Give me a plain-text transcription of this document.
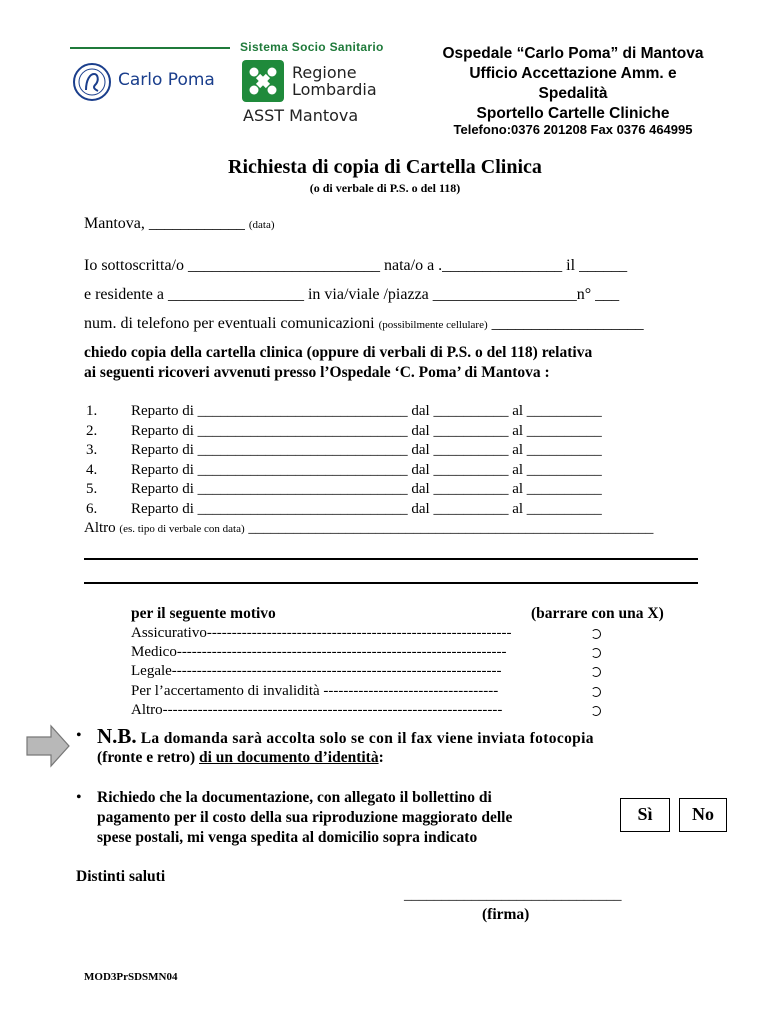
Sistema Socio Sanitario
Carlo Poma	Regione
Lombardia
ASST Mantova
Ospedale “Carlo Poma” di Mantova
Ufficio Accettazione Amm. e
Spedalità
Sportello Cartelle Cliniche
Telefono:0376 201208 Fax 0376 464995
Richiesta di copia di Cartella Clinica
(o di verbale di P.S. o del 118)
Mantova, ____________ (data)
Io sottoscritta/o ________________________ nata/o a ._______________ il ______
e residente a _________________ in via/viale /piazza __________________n° ___
num. di telefono per eventuali comunicazioni (possibilmente cellulare) ___________________
chiedo copia della cartella clinica (oppure di verbali di P.S. o del 118) relativa
ai seguenti ricoveri avvenuti presso l’Ospedale ‘C. Poma’ di Mantova :
1. Reparto di ____________________________ dal __________ al __________
2. Reparto di ____________________________ dal __________ al __________
3. Reparto di ____________________________ dal __________ al __________
4. Reparto di ____________________________ dal __________ al __________
5. Reparto di ____________________________ dal __________ al __________
6. Reparto di ____________________________ dal __________ al __________
Altro (es. tipo di verbale con data) ______________________________________________________
per il seguente motivo	(barrare con una X)
Assicurativo-------------------------------------------------------------
Medico------------------------------------------------------------------
Legale------------------------------------------------------------------
Per l’accertamento di invalidità -----------------------------------
Altro--------------------------------------------------------------------
• N.B. La domanda sarà accolta solo se con il fax viene inviata fotocopia
(fronte e retro) di un documento d’identità:
• Richiedo che la documentazione, con allegato il bollettino di
pagamento per il costo della sua riproduzione maggiorato delle
spese postali, mi venga spedita al domicilio sopra indicato
Sì	No
Distinti saluti
_____________________________
(firma)
MOD3PrSDSMN04
